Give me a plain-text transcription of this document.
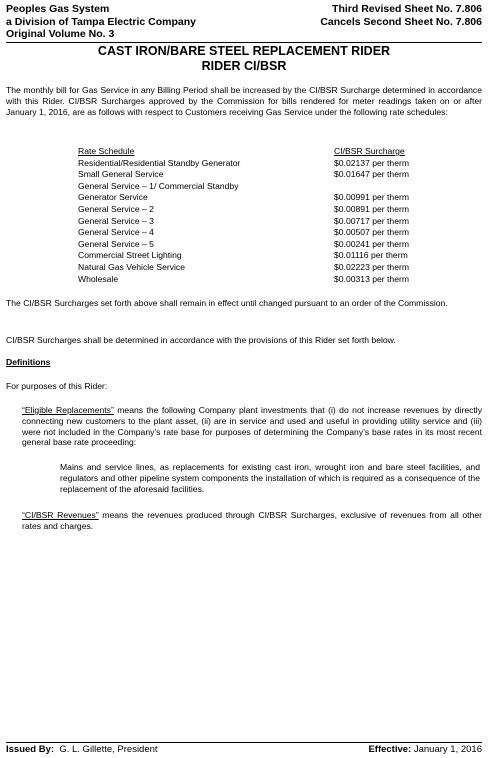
Peoples Gas System
a Division of Tampa Electric Company
Original Volume No. 3
Third Revised Sheet No. 7.806
Cancels Second Sheet No. 7.806
CAST IRON/BARE STEEL REPLACEMENT RIDER
RIDER CI/BSR
The monthly bill for Gas Service in any Billing Period shall be increased by the CI/BSR Surcharge determined in accordance with this Rider. CI/BSR Surcharges approved by the Commission for bills rendered for meter readings taken on or after January 1, 2016, are as follows with respect to Customers receiving Gas Service under the following rate schedules:
Rate Schedule	CI/BSR Surcharge
Residential/Residential Standby Generator	$0.02137 per therm
Small General Service	$0.01647 per therm
General Service – 1/ Commercial Standby
Generator Service	$0.00991 per therm
General Service – 2	$0.00891 per therm
General Service – 3	$0.00717 per therm
General Service – 4	$0.00507 per therm
General Service – 5	$0.00241 per therm
Commercial Street Lighting	$0.01116 per therm
Natural Gas Vehicle Service	$0.02223 per therm
Wholesale	$0.00313 per therm
The CI/BSR Surcharges set forth above shall remain in effect until changed pursuant to an order of the Commission.
CI/BSR Surcharges shall be determined in accordance with the provisions of this Rider set forth below.
Definitions
For purposes of this Rider:
“Eligible Replacements” means the following Company plant investments that (i) do not increase revenues by directly connecting new customers to the plant asset, (ii) are in service and used and useful in providing utility service and (iii) were not included in the Company’s rate base for purposes of determining the Company’s base rates in its most recent general base rate proceeding:
Mains and service lines, as replacements for existing cast iron, wrought iron and bare steel facilities, and regulators and other pipeline system components the installation of which is required as a consequence of the replacement of the aforesaid facilities.
“CI/BSR Revenues” means the revenues produced through CI/BSR Surcharges, exclusive of revenues from all other rates and charges.
Issued By: G. L. Gillette, President	Effective: January 1, 2016
